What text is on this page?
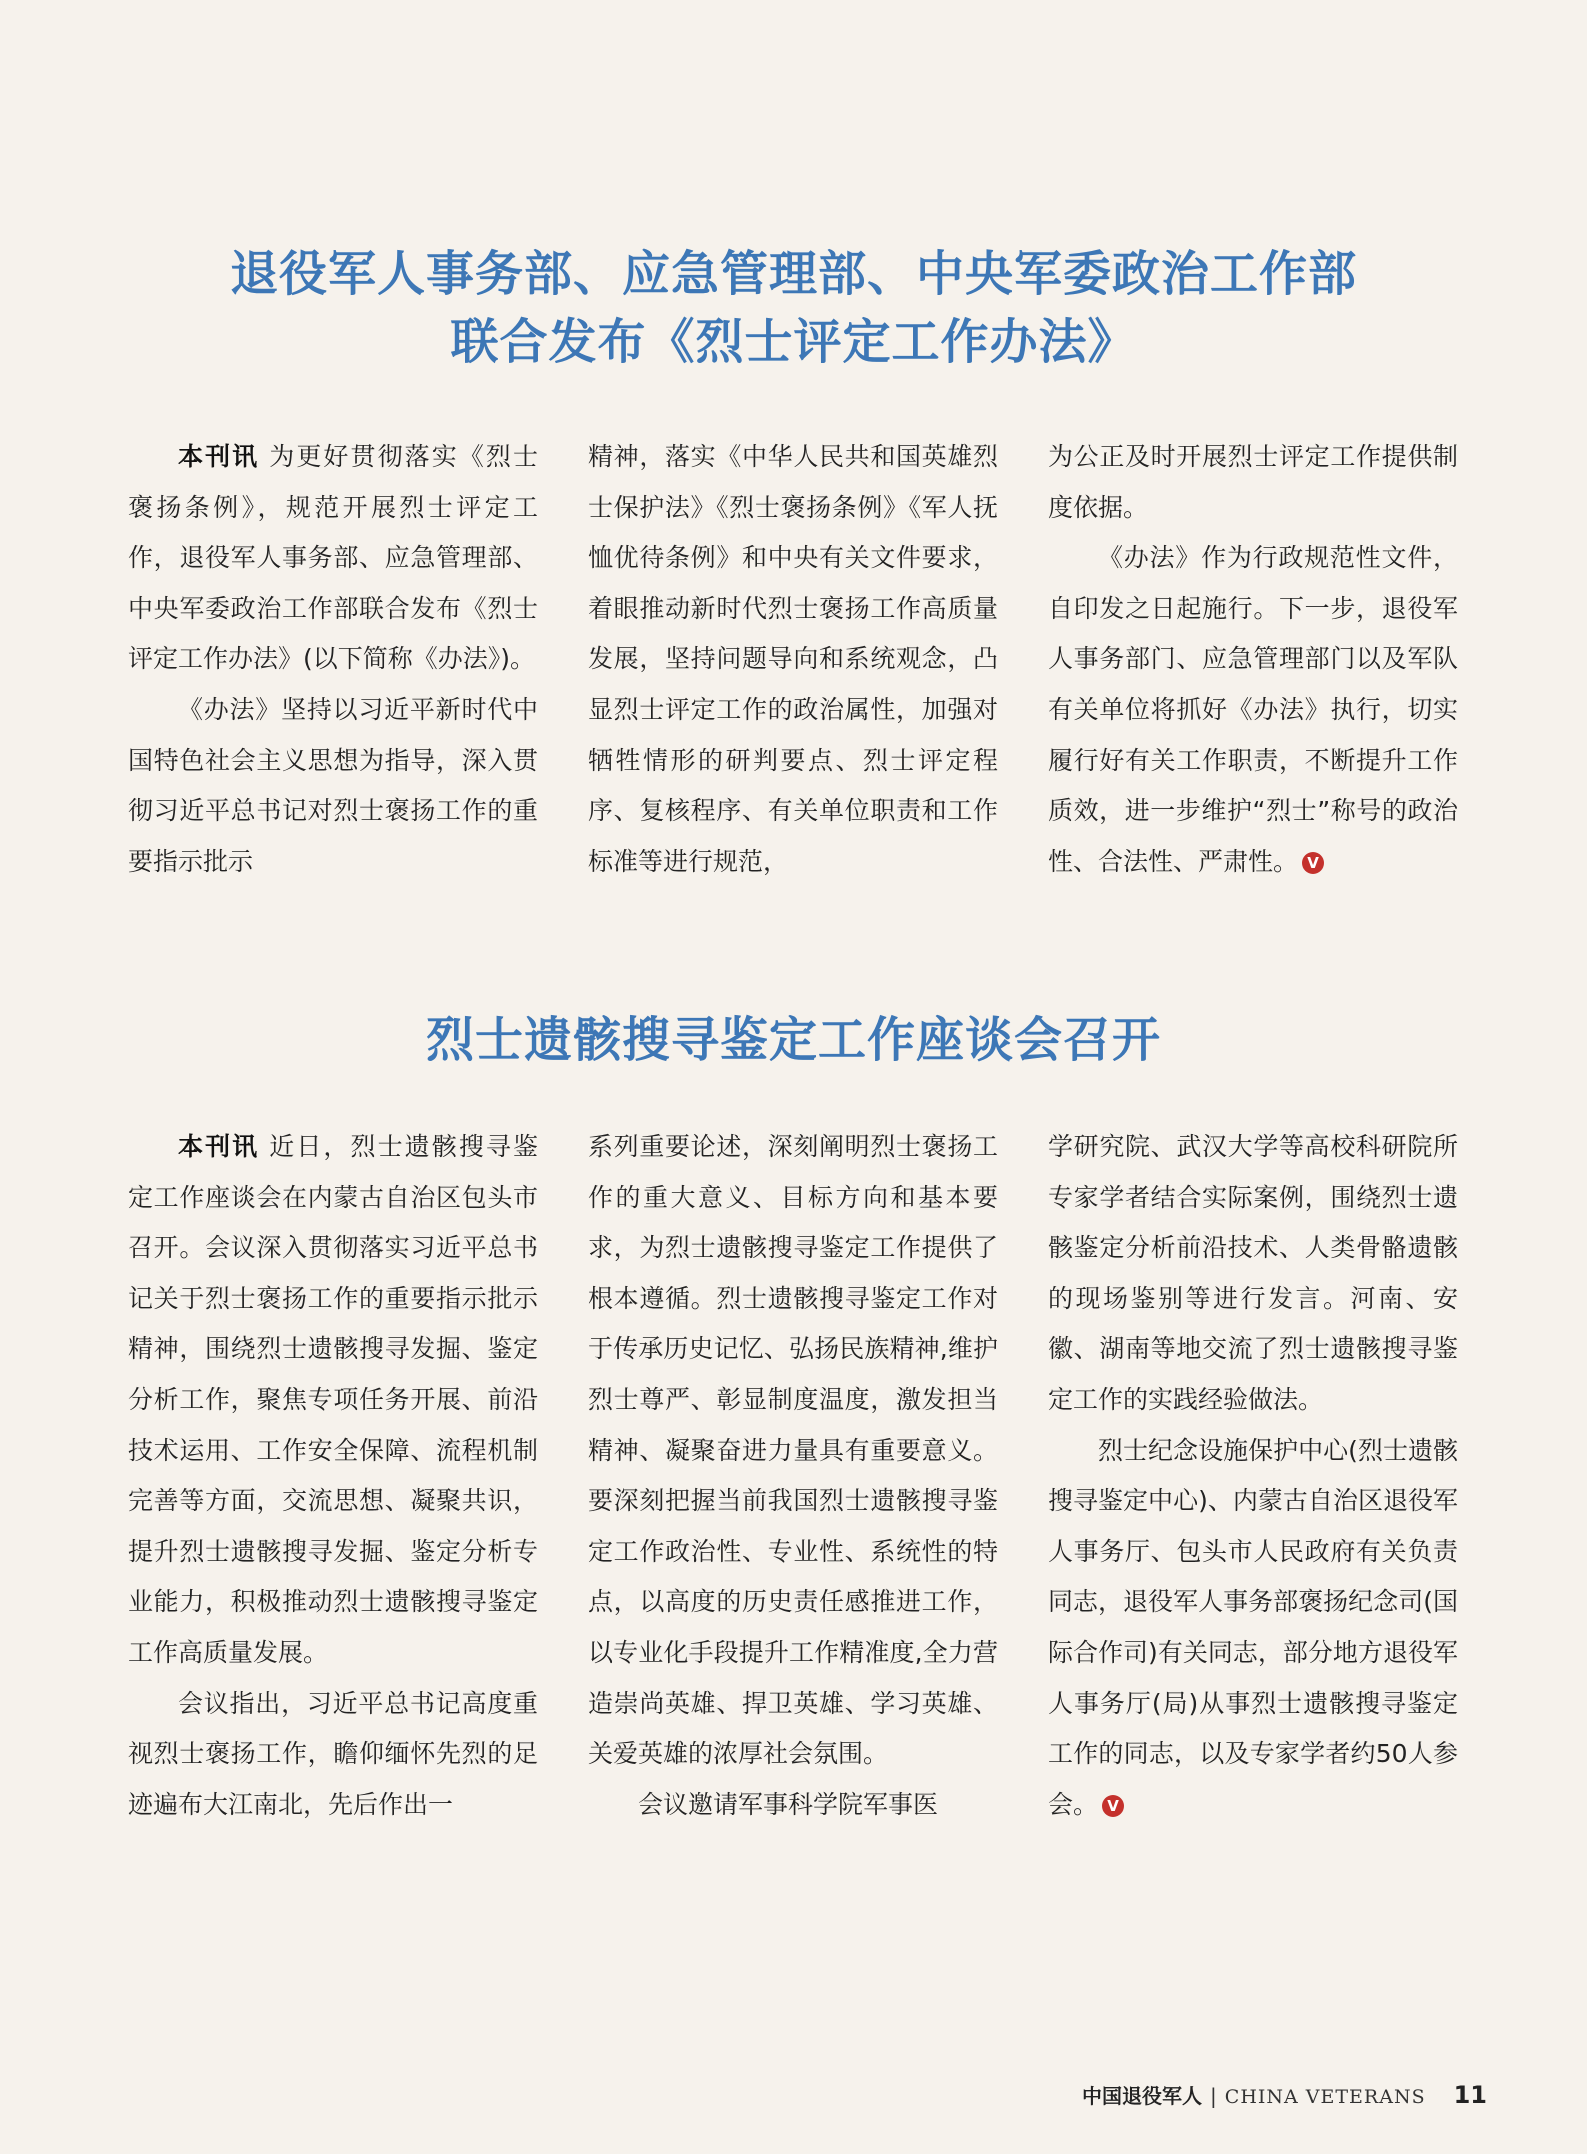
退役军人事务部、应急管理部、中央军委政治工作部
联合发布《烈士评定工作办法》

本刊讯 为更好贯彻落实《烈士褒扬条例》，规范开展烈士评定工作，退役军人事务部、应急管理部、中央军委政治工作部联合发布《烈士评定工作办法》(以下简称《办法》)。

《办法》坚持以习近平新时代中国特色社会主义思想为指导，深入贯彻习近平总书记对烈士褒扬工作的重要指示批示

精神，落实《中华人民共和国英雄烈士保护法》《烈士褒扬条例》《军人抚恤优待条例》和中央有关文件要求，着眼推动新时代烈士褒扬工作高质量发展，坚持问题导向和系统观念，凸显烈士评定工作的政治属性，加强对牺牲情形的研判要点、烈士评定程序、复核程序、有关单位职责和工作标准等进行规范，

为公正及时开展烈士评定工作提供制度依据。

《办法》作为行政规范性文件，自印发之日起施行。下一步，退役军人事务部门、应急管理部门以及军队有关单位将抓好《办法》执行，切实履行好有关工作职责，不断提升工作质效，进一步维护“烈士”称号的政治性、合法性、严肃性。 V

烈士遗骸搜寻鉴定工作座谈会召开

本刊讯 近日，烈士遗骸搜寻鉴定工作座谈会在内蒙古自治区包头市召开。会议深入贯彻落实习近平总书记关于烈士褒扬工作的重要指示批示精神，围绕烈士遗骸搜寻发掘、鉴定分析工作，聚焦专项任务开展、前沿技术运用、工作安全保障、流程机制完善等方面，交流思想、凝聚共识，提升烈士遗骸搜寻发掘、鉴定分析专业能力，积极推动烈士遗骸搜寻鉴定工作高质量发展。

会议指出，习近平总书记高度重视烈士褒扬工作，瞻仰缅怀先烈的足迹遍布大江南北，先后作出一

系列重要论述，深刻阐明烈士褒扬工作的重大意义、目标方向和基本要求，为烈士遗骸搜寻鉴定工作提供了根本遵循。烈士遗骸搜寻鉴定工作对于传承历史记忆、弘扬民族精神,维护烈士尊严、彰显制度温度，激发担当精神、凝聚奋进力量具有重要意义。要深刻把握当前我国烈士遗骸搜寻鉴定工作政治性、专业性、系统性的特点，以高度的历史责任感推进工作，以专业化手段提升工作精准度,全力营造崇尚英雄、捍卫英雄、学习英雄、关爱英雄的浓厚社会氛围。

会议邀请军事科学院军事医

学研究院、武汉大学等高校科研院所专家学者结合实际案例，围绕烈士遗骸鉴定分析前沿技术、人类骨骼遗骸的现场鉴别等进行发言。河南、安徽、湖南等地交流了烈士遗骸搜寻鉴定工作的实践经验做法。

烈士纪念设施保护中心(烈士遗骸搜寻鉴定中心)、内蒙古自治区退役军人事务厅、包头市人民政府有关负责同志，退役军人事务部褒扬纪念司(国际合作司)有关同志，部分地方退役军人事务厅(局)从事烈士遗骸搜寻鉴定工作的同志，以及专家学者约50人参会。 V

中国退役军人 | CHINA VETERANS 11
